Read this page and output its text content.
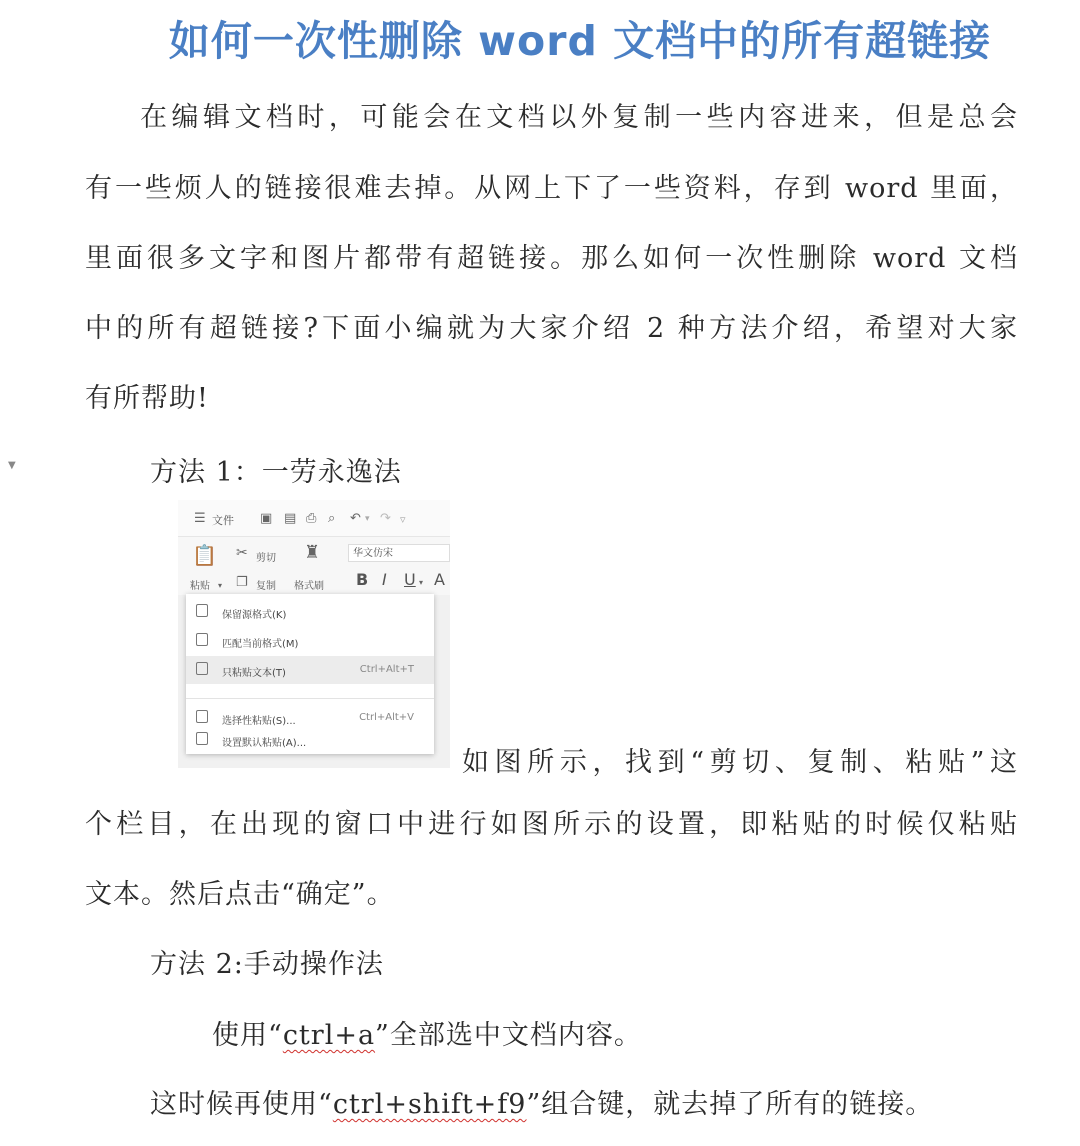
如何一次性删除 word 文档中的所有超链接
在编辑文档时，可能会在文档以外复制一些内容进来，但是总会
有一些烦人的链接很难去掉。从网上下了一些资料，存到 word 里面，
里面很多文字和图片都带有超链接。那么如何一次性删除 word 文档
中的所有超链接?下面小编就为大家介绍 2 种方法介绍，希望对大家
有所帮助!
▼	方法 1：一劳永逸法
☰ 文件 ▣ ▤ ⎙ ⌕ ↶ ▾ ↷ ▿
📋
粘贴 ▾
✂ 剪切
❐ 复制
♜
格式刷
华文仿宋
B I U ▾ A
保留源格式(K)
匹配当前格式(M)
只粘贴文本(T)	Ctrl+Alt+T
选择性粘贴(S)...	Ctrl+Alt+V
设置默认粘贴(A)...
如图所示，找到“剪切、复制、粘贴”这
个栏目，在出现的窗口中进行如图所示的设置，即粘贴的时候仅粘贴
文本。然后点击“确定”。
方法 2:手动操作法
使用“ctrl+a”全部选中文档内容。
这时候再使用“ctrl+shift+f9”组合键，就去掉了所有的链接。
